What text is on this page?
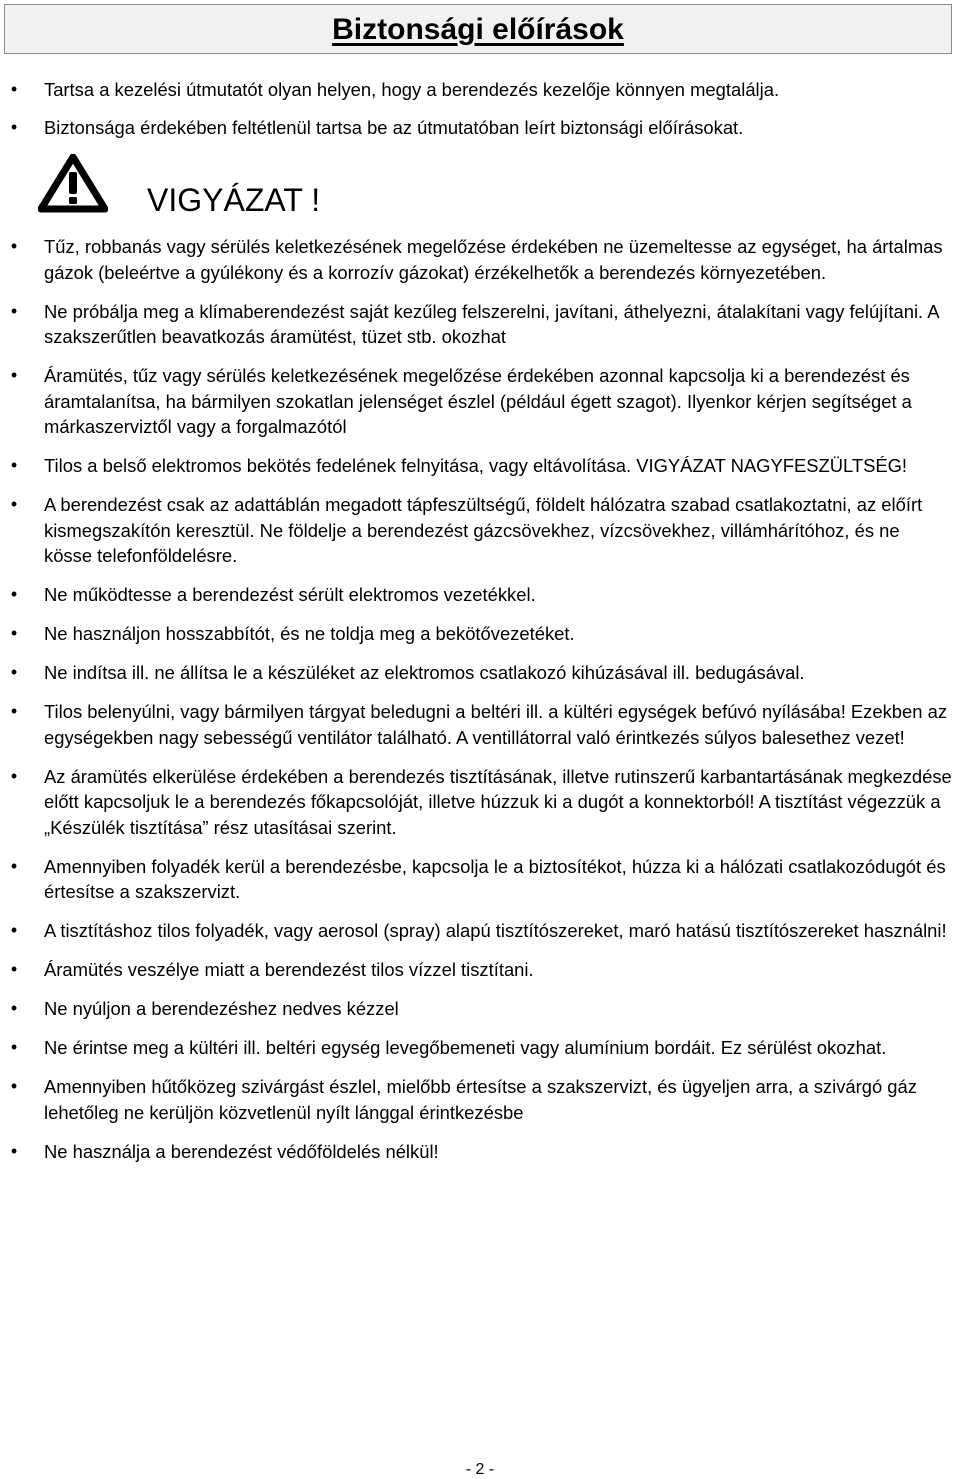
Biztonsági előírások
• Tartsa a kezelési útmutatót olyan helyen, hogy a berendezés kezelője könnyen megtalálja.
• Biztonsága érdekében feltétlenül tartsa be az útmutatóban leírt biztonsági előírásokat.
VIGYÁZAT !
• Tűz, robbanás vagy sérülés keletkezésének megelőzése érdekében ne üzemeltesse az egységet, ha ártalmas gázok (beleértve a gyúlékony és a korrozív gázokat) érzékelhetők a berendezés környezetében.
• Ne próbálja meg a klímaberendezést saját kezűleg felszerelni, javítani, áthelyezni, átalakítani vagy felújítani. A szakszerűtlen beavatkozás áramütést, tüzet stb. okozhat
• Áramütés, tűz vagy sérülés keletkezésének megelőzése érdekében azonnal kapcsolja ki a berendezést és áramtalanítsa, ha bármilyen szokatlan jelenséget észlel (például égett szagot). Ilyenkor kérjen segítséget a márkaszerviztől vagy a forgalmazótól
• Tilos a belső elektromos bekötés fedelének felnyitása, vagy eltávolítása. VIGYÁZAT NAGYFESZÜLTSÉG!
• A berendezést csak az adattáblán megadott tápfeszültségű, földelt hálózatra szabad csatlakoztatni, az előírt kismegszakítón keresztül. Ne földelje a berendezést gázcsövekhez, vízcsövekhez, villámhárítóhoz, és ne kösse telefonföldelésre.
• Ne működtesse a berendezést sérült elektromos vezetékkel.
• Ne használjon hosszabbítót, és ne toldja meg a bekötővezetéket.
• Ne indítsa ill. ne állítsa le a készüléket az elektromos csatlakozó kihúzásával ill. bedugásával.
• Tilos belenyúlni, vagy bármilyen tárgyat beledugni a beltéri ill. a kültéri egységek befúvó nyílásába! Ezekben az egységekben nagy sebességű ventilátor található. A ventillátorral való érintkezés súlyos balesethez vezet!
• Az áramütés elkerülése érdekében a berendezés tisztításának, illetve rutinszerű karbantartásának megkezdése előtt kapcsoljuk le a berendezés főkapcsolóját, illetve húzzuk ki a dugót a konnektorból! A tisztítást végezzük a „Készülék tisztítása” rész utasításai szerint.
• Amennyiben folyadék kerül a berendezésbe, kapcsolja le a biztosítékot, húzza ki a hálózati csatlakozódugót és értesítse a szakszervizt.
• A tisztításhoz tilos folyadék, vagy aerosol (spray) alapú tisztítószereket, maró hatású tisztítószereket használni!
• Áramütés veszélye miatt a berendezést tilos vízzel tisztítani.
• Ne nyúljon a berendezéshez nedves kézzel
• Ne érintse meg a kültéri ill. beltéri egység levegőbemeneti vagy alumínium bordáit. Ez sérülést okozhat.
• Amennyiben hűtőközeg szivárgást észlel, mielőbb értesítse a szakszervizt, és ügyeljen arra, a szivárgó gáz lehetőleg ne kerüljön közvetlenül nyílt lánggal érintkezésbe
• Ne használja a berendezést védőföldelés nélkül!
- 2 -
